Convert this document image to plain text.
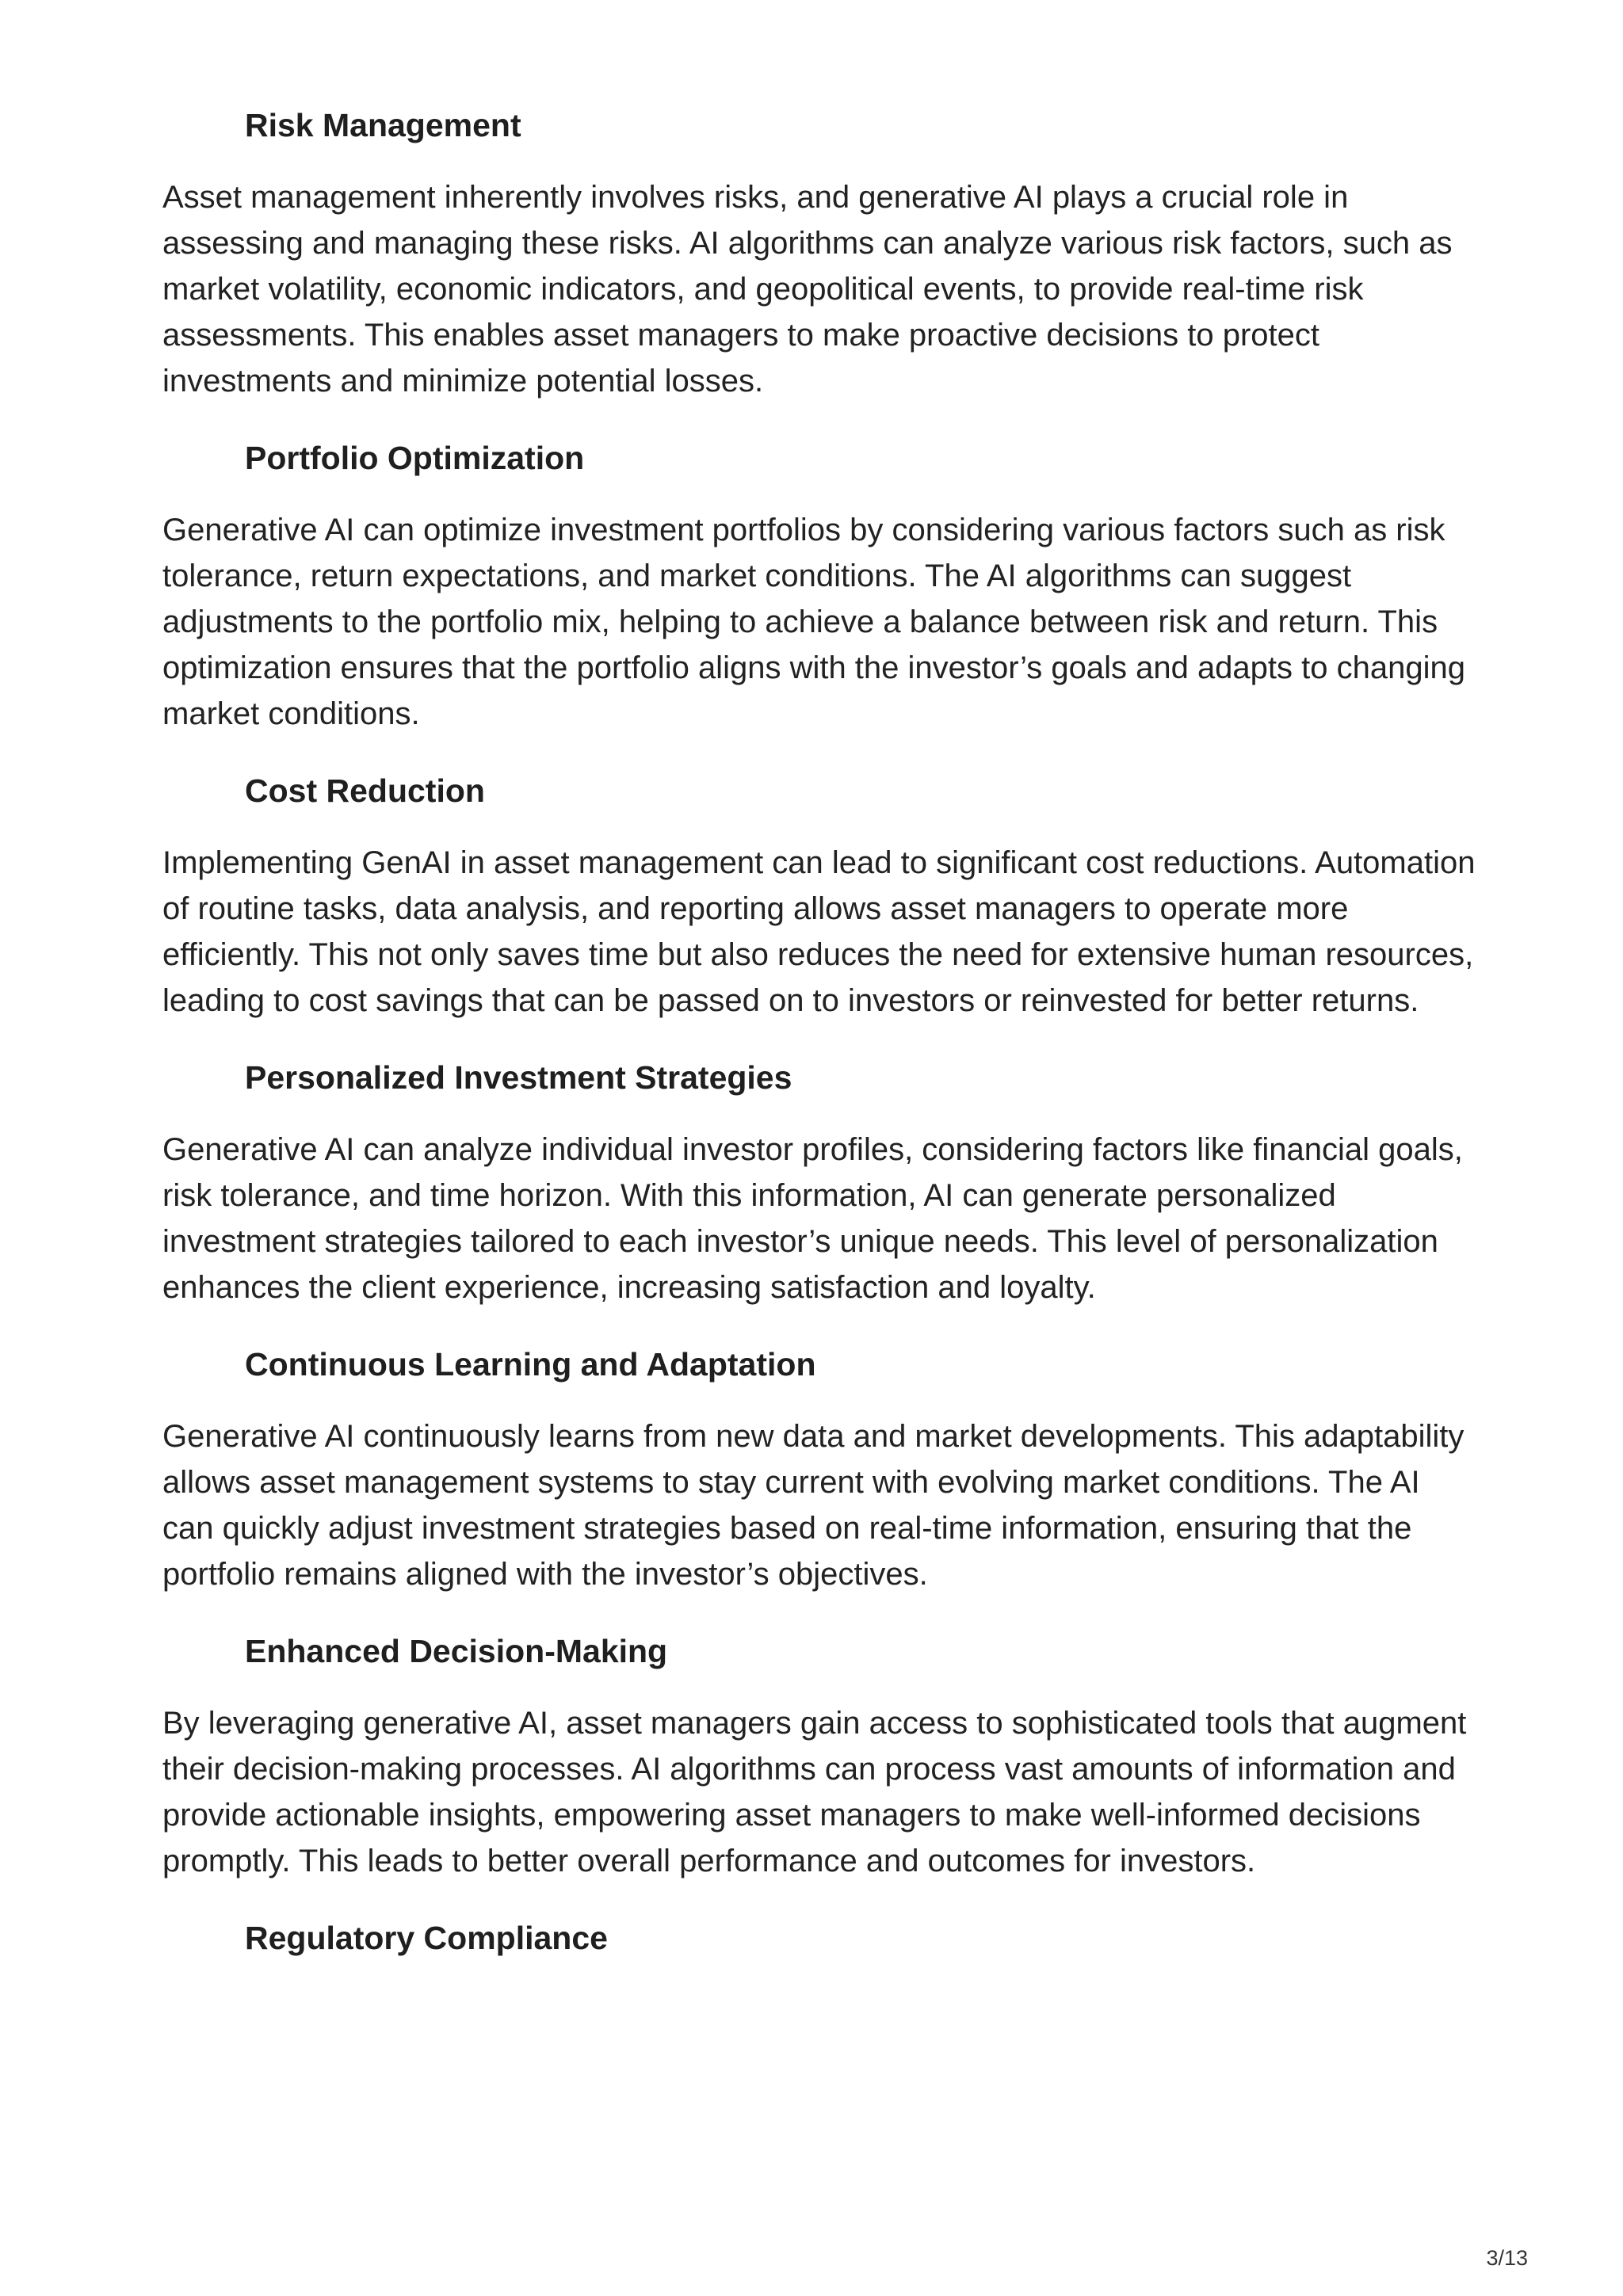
Risk Management

Asset management inherently involves risks, and generative AI plays a crucial role in assessing and managing these risks. AI algorithms can analyze various risk factors, such as market volatility, economic indicators, and geopolitical events, to provide real-time risk assessments. This enables asset managers to make proactive decisions to protect investments and minimize potential losses.

Portfolio Optimization

Generative AI can optimize investment portfolios by considering various factors such as risk tolerance, return expectations, and market conditions. The AI algorithms can suggest adjustments to the portfolio mix, helping to achieve a balance between risk and return. This optimization ensures that the portfolio aligns with the investor’s goals and adapts to changing market conditions.

Cost Reduction

Implementing GenAI in asset management can lead to significant cost reductions. Automation of routine tasks, data analysis, and reporting allows asset managers to operate more efficiently. This not only saves time but also reduces the need for extensive human resources, leading to cost savings that can be passed on to investors or reinvested for better returns.

Personalized Investment Strategies

Generative AI can analyze individual investor profiles, considering factors like financial goals, risk tolerance, and time horizon. With this information, AI can generate personalized investment strategies tailored to each investor’s unique needs. This level of personalization enhances the client experience, increasing satisfaction and loyalty.

Continuous Learning and Adaptation

Generative AI continuously learns from new data and market developments. This adaptability allows asset management systems to stay current with evolving market conditions. The AI can quickly adjust investment strategies based on real-time information, ensuring that the portfolio remains aligned with the investor’s objectives.

Enhanced Decision-Making

By leveraging generative AI, asset managers gain access to sophisticated tools that augment their decision-making processes. AI algorithms can process vast amounts of information and provide actionable insights, empowering asset managers to make well-informed decisions promptly. This leads to better overall performance and outcomes for investors.

Regulatory Compliance
3/13
